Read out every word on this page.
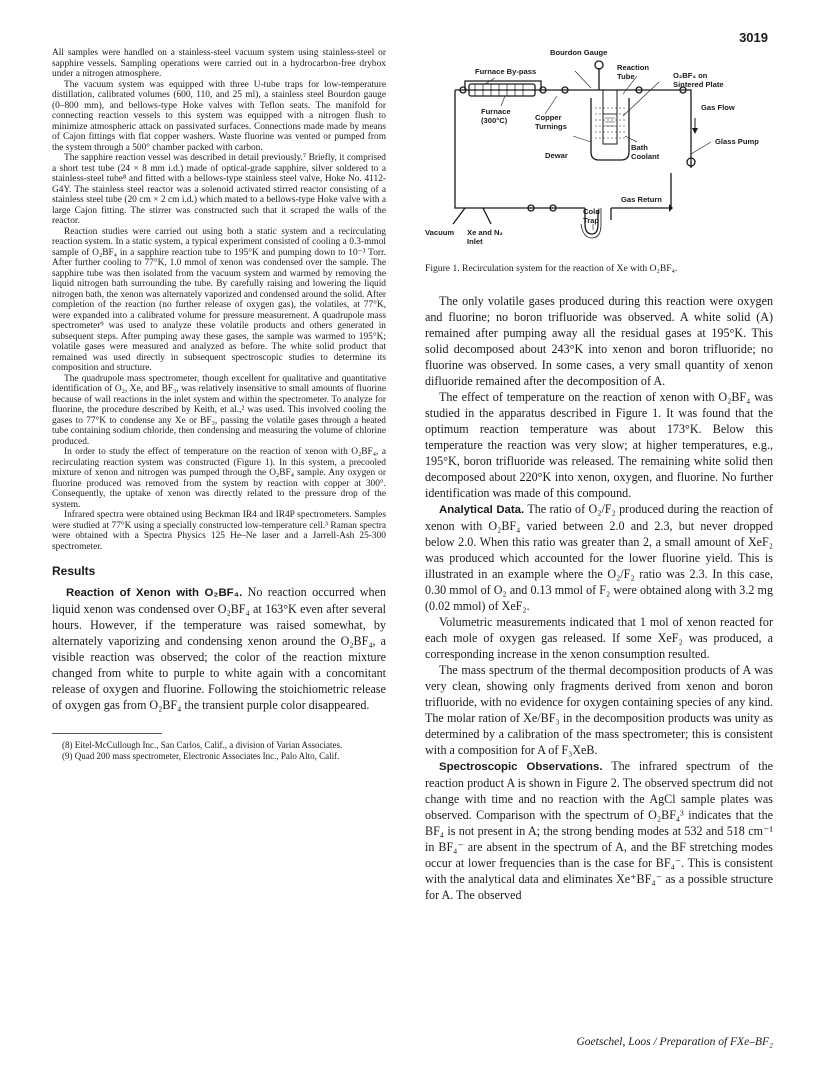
3019

All samples were handled on a stainless-steel vacuum system using stainless-steel or sapphire vessels. Sampling operations were carried out in a hydrocarbon-free drybox under a nitrogen atmosphere.

The vacuum system was equipped with three U-tube traps for low-temperature distillation, calibrated volumes (600, 110, and 25 ml), a stainless steel Bourdon gauge (0–800 mm), and bellows-type Hoke valves with Teflon seats. The manifold for connecting reaction vessels to this system was equipped with a nitrogen flush to minimize atmospheric attack on passivated surfaces. Connections made made by means of Cajon fittings with flat copper washers. Waste fluorine was vented or pumped from the system through a 500° chamber packed with carbon.

The sapphire reaction vessel was described in detail previously.⁷ Briefly, it comprised a short test tube (24 × 8 mm i.d.) made of optical-grade sapphire, silver soldered to a stainless-steel tube⁸ and fitted with a bellows-type stainless steel valve, Hoke No. 4112-G4Y. The stainless steel reactor was a solenoid activated stirred reactor consisting of a stainless steel tube (20 cm × 2 cm i.d.) which mated to a bellows-type Hoke valve with a large Cajon fitting. The stirrer was constructed such that it scraped the walls of the reactor.

Reaction studies were carried out using both a static system and a recirculating reaction system. In a static system, a typical experiment consisted of cooling a 0.3-mmol sample of O₂BF₄ in a sapphire reaction tube to 195°K and pumping down to 10⁻³ Torr. After further cooling to 77°K, 1.0 mmol of xenon was condensed over the sample. The sapphire tube was then isolated from the vacuum system and warmed by removing the liquid nitrogen bath surrounding the tube. By carefully raising and lowering the liquid nitrogen bath, the xenon was alternately vaporized and condensed around the solid. After completion of the reaction (no further release of oxygen gas), the volatiles, at 77°K, were expanded into a calibrated volume for pressure measurement. A quadrupole mass spectrometer⁹ was used to analyze these volatile products and others generated in subsequent steps. After pumping away these gases, the sample was warmed to 195°K; volatile gases were measured and analyzed as before. The white solid product that remained was used directly in subsequent spectroscopic studies to determine its composition and structure.

The quadrupole mass spectrometer, though excellent for qualitative and quantitative identification of O₂, Xe, and BF₃, was relatively insensitive to small amounts of fluorine because of wall reactions in the inlet system and within the spectrometer. To analyze for fluorine, the procedure described by Keith, et al.,² was used. This involved cooling the gases to 77°K to condense any Xe or BF₃, passing the volatile gases through a heated tube containing sodium chloride, then condensing and measuring the volume of chlorine produced.

In order to study the effect of temperature on the reaction of xenon with O₂BF₄, a recirculating reaction system was constructed (Figure 1). In this system, a precooled mixture of xenon and nitrogen was pumped through the O₂BF₄ sample. Any oxygen or fluorine produced was removed from the system by reaction with copper at 300°. Consequently, the uptake of xenon was directly related to the pressure drop of the system.

Infrared spectra were obtained using Beckman IR4 and IR4P spectrometers. Samples were studied at 77°K using a specially constructed low-temperature cell.³ Raman spectra were obtained with a Spectra Physics 125 He–Ne laser and a Jarrell-Ash 25-300 spectrometer.

Results

Reaction of Xenon with O₂BF₄. No reaction occurred when liquid xenon was condensed over O₂BF₄ at 163°K even after several hours. However, if the temperature was raised somewhat, by alternately vaporizing and condensing xenon around the O₂BF₄, a visible reaction was observed; the color of the reaction mixture changed from white to purple to white again with a concomitant release of oxygen and fluorine. Following the stoichiometric release of oxygen gas from O₂BF₄ the transient purple color disappeared.

(8) Eitel-McCullough Inc., San Carlos, Calif., a division of Varian Associates.

(9) Quad 200 mass spectrometer, Electronic Associates Inc., Palo Alto, Calif.

Bourdon Gauge
Furnace By-pass	Reaction
Tube	O₂BF₄ on
Sintered Plate
Gas Flow
Furnace
(300°C)	Copper
Turnings
Glass Pump
Dewar
Bath
Coolant
Gas Return
Cold
Trap
Vacuum Xe and N₂
Inlet

Figure 1. Recirculation system for the reaction of Xe with O₂BF₄.

The only volatile gases produced during this reaction were oxygen and fluorine; no boron trifluoride was observed. A white solid (A) remained after pumping away all the residual gases at 195°K. This solid decomposed about 243°K into xenon and boron trifluoride; no fluorine was observed. In some cases, a very small quantity of xenon difluoride remained after the decomposition of A.

The effect of temperature on the reaction of xenon with O₂BF₄ was studied in the apparatus described in Figure 1. It was found that the optimum reaction temperature was about 173°K. Below this temperature the reaction was very slow; at higher temperatures, e.g., 195°K, boron trifluoride was released. The remaining white solid then decomposed about 220°K into xenon, oxygen, and fluorine. No further identification was made of this compound.

Analytical Data. The ratio of O₂/F₂ produced during the reaction of xenon with O₂BF₄ varied between 2.0 and 2.3, but never dropped below 2.0. When this ratio was greater than 2, a small amount of XeF₂ was produced which accounted for the lower fluorine yield. This is illustrated in an example where the O₂/F₂ ratio was 2.3. In this case, 0.30 mmol of O₂ and 0.13 mmol of F₂ were obtained along with 3.2 mg (0.02 mmol) of XeF₂.

Volumetric measurements indicated that 1 mol of xenon reacted for each mole of oxygen gas released. If some XeF₂ was produced, a corresponding increase in the xenon consumption resulted.

The mass spectrum of the thermal decomposition products of A was very clean, showing only fragments derived from xenon and boron trifluoride, with no evidence for oxygen containing species of any kind. The molar ration of Xe/BF₃ in the decomposition products was unity as determined by a calibration of the mass spectrometer; this is consistent with a composition for A of F₃XeB.

Spectroscopic Observations. The infrared spectrum of the reaction product A is shown in Figure 2. The observed spectrum did not change with time and no reaction with the AgCl sample plates was observed. Comparison with the spectrum of O₂BF₄³ indicates that the BF₄ is not present in A; the strong bending modes at 532 and 518 cm⁻¹ in BF₄⁻ are absent in the spectrum of A, and the BF stretching modes occur at lower frequencies than is the case for BF₄⁻. This is consistent with the analytical data and eliminates Xe⁺BF₄⁻ as a possible structure for A. The observed

Goetschel, Loos / Preparation of FXe–BF₂
